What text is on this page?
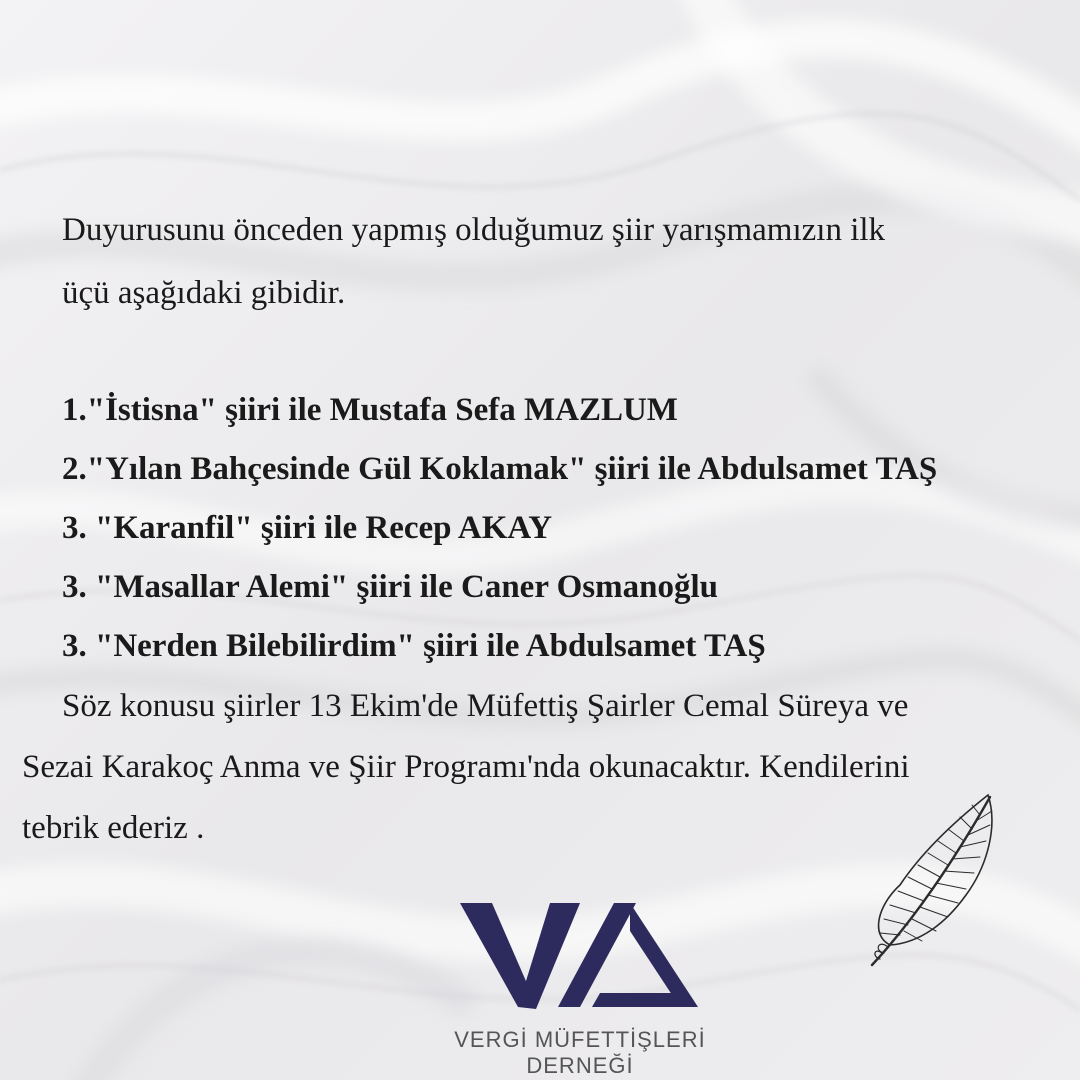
Duyurusunu önceden yapmış olduğumuz şiir yarışmamızın ilk
üçü aşağıdaki gibidir.
1."İstisna" şiiri ile Mustafa Sefa MAZLUM
2."Yılan Bahçesinde Gül Koklamak" şiiri ile Abdulsamet TAŞ
3. "Karanfil" şiiri ile Recep AKAY
3. "Masallar Alemi" şiiri ile Caner Osmanoğlu
3. "Nerden Bilebilirdim" şiiri ile Abdulsamet TAŞ
Söz konusu şiirler 13 Ekim'de Müfettiş Şairler Cemal Süreya ve
Sezai Karakoç Anma ve Şiir Programı'nda okunacaktır. Kendilerini
tebrik ederiz .
VERGİ MÜFETTİŞLERİ
DERNEĞİ
